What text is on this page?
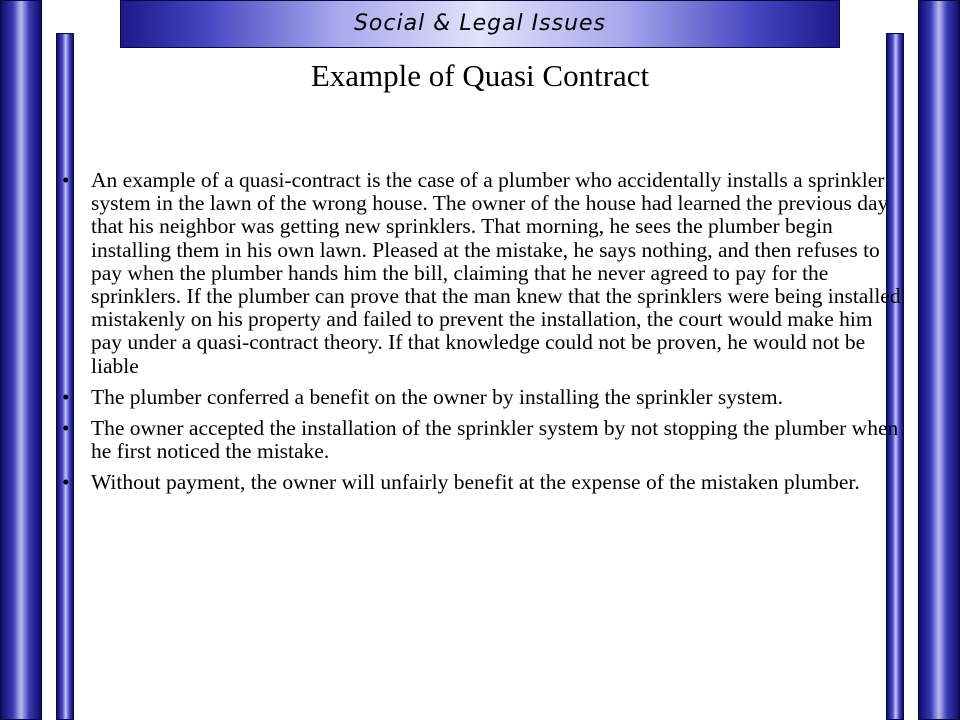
Social & Legal Issues
Example of Quasi Contract
• An example of a quasi-contract is the case of a plumber who accidentally installs a sprinkler system in the lawn of the wrong house. The owner of the house had learned the previous day that his neighbor was getting new sprinklers. That morning, he sees the plumber begin installing them in his own lawn. Pleased at the mistake, he says nothing, and then refuses to pay when the plumber hands him the bill, claiming that he never agreed to pay for the sprinklers. If the plumber can prove that the man knew that the sprinklers were being installed mistakenly on his property and failed to prevent the installation, the court would make him pay under a quasi-contract theory. If that knowledge could not be proven, he would not be liable
• The plumber conferred a benefit on the owner by installing the sprinkler system.
• The owner accepted the installation of the sprinkler system by not stopping the plumber when he first noticed the mistake.
• Without payment, the owner will unfairly benefit at the expense of the mistaken plumber.
